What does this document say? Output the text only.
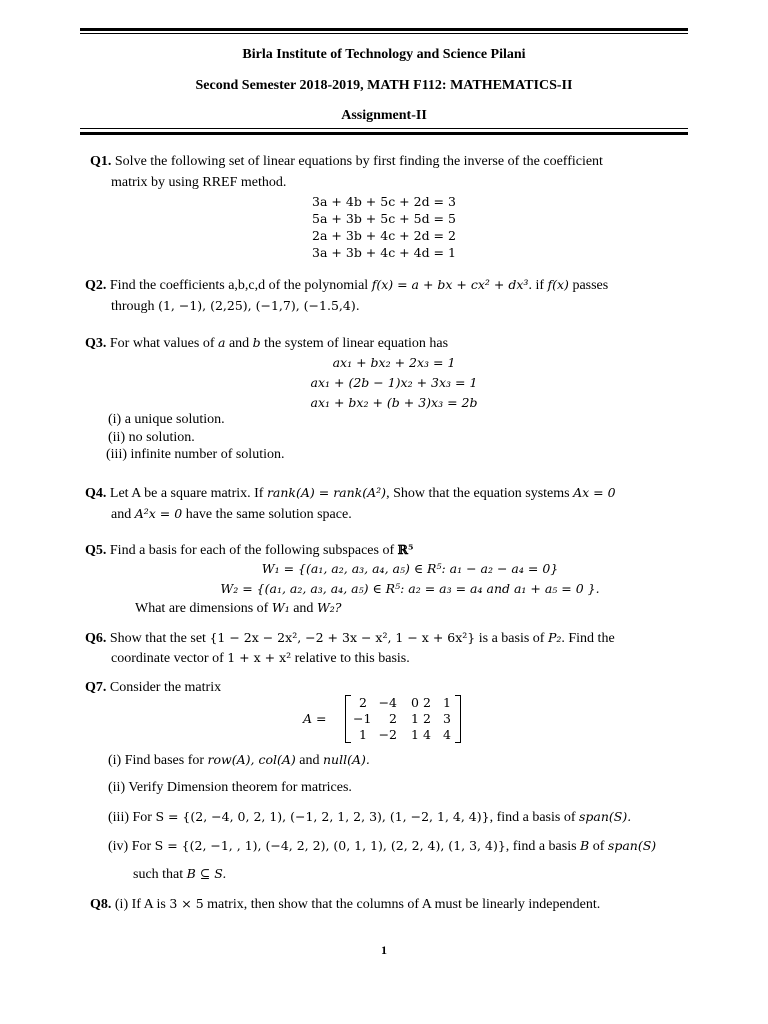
Birla Institute of Technology and Science Pilani
Second Semester 2018-2019, MATH F112: MATHEMATICS-II
Assignment-II
Q1. Solve the following set of linear equations by first finding the inverse of the coefficient
matrix by using RREF method.
3a + 4b + 5c + 2d = 3
5a + 3b + 5c + 5d = 5
2a + 3b + 4c + 2d = 2
3a + 3b + 4c + 4d = 1
Q2. Find the coefficients a,b,c,d of the polynomial f(x) = a + bx + cx² + dx³. if f(x) passes
through (1, −1), (2,25), (−1,7), (−1.5,4).
Q3. For what values of a and b the system of linear equation has
ax₁ + bx₂ + 2x₃ = 1
ax₁ + (2b − 1)x₂ + 3x₃ = 1
ax₁ + bx₂ + (b + 3)x₃ = 2b
(i) a unique solution.
(ii) no solution.
(iii) infinite number of solution.
Q4. Let A be a square matrix. If rank(A) = rank(A²), Show that the equation systems Ax = 0
and A²x = 0 have the same solution space.
Q5. Find a basis for each of the following subspaces of ℝ⁵
W₁ = {(a₁, a₂, a₃, a₄, a₅) ∈ R⁵: a₁ − a₂ − a₄ = 0}
W₂ = {(a₁, a₂, a₃, a₄, a₅) ∈ R⁵: a₂ = a₃ = a₄ and a₁ + a₅ = 0 }.
What are dimensions of W₁ and W₂?
Q6. Show that the set {1 − 2x − 2x², −2 + 3x − x², 1 − x + 6x²} is a basis of P₂. Find the
coordinate vector of 1 + x + x² relative to this basis.
Q7. Consider the matrix
A =
2 −4	0 2 1
−1	2	1 2 3
1 −2	1 4 4
(i) Find bases for row(A), col(A) and null(A).
(ii) Verify Dimension theorem for matrices.
(iii) For S = {(2, −4, 0, 2, 1), (−1, 2, 1, 2, 3), (1, −2, 1, 4, 4)}, find a basis of span(S).
(iv) For S = {(2, −1, , 1), (−4, 2, 2), (0, 1, 1), (2, 2, 4), (1, 3, 4)}, find a basis B of span(S)
such that B ⊆ S.
Q8. (i) If A is 3 × 5 matrix, then show that the columns of A must be linearly independent.
1
